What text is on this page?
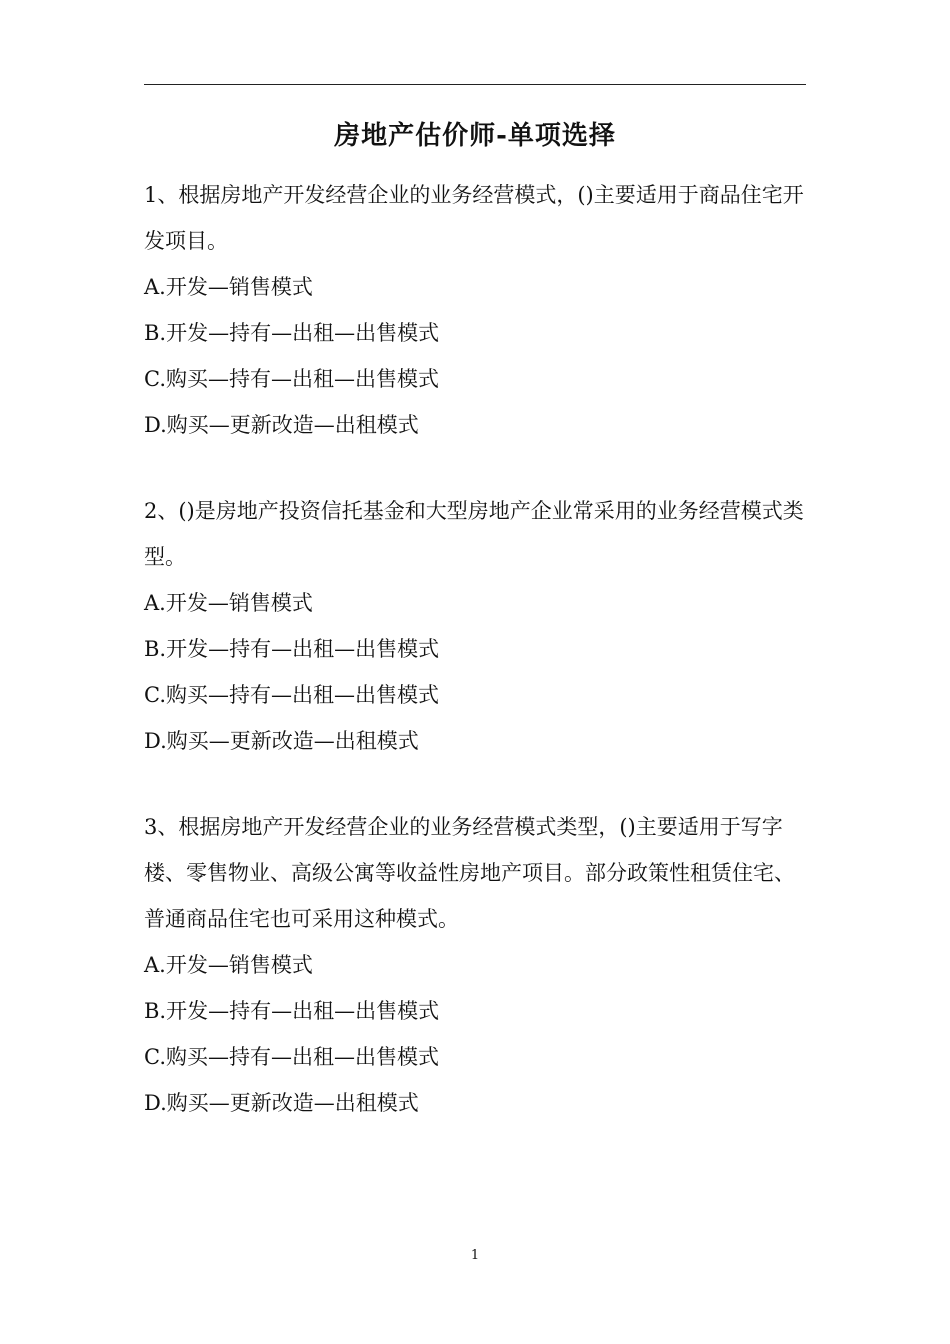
房地产估价师-单项选择

1、根据房地产开发经营企业的业务经营模式，()主要适用于商品住宅开发项目。

A.开发—销售模式

B.开发—持有—出租—出售模式

C.购买—持有—出租—出售模式

D.购买—更新改造—出租模式

2、()是房地产投资信托基金和大型房地产企业常采用的业务经营模式类型。

A.开发—销售模式

B.开发—持有—出租—出售模式

C.购买—持有—出租—出售模式

D.购买—更新改造—出租模式

3、根据房地产开发经营企业的业务经营模式类型，()主要适用于写字楼、零售物业、高级公寓等收益性房地产项目。部分政策性租赁住宅、普通商品住宅也可采用这种模式。

A.开发—销售模式

B.开发—持有—出租—出售模式

C.购买—持有—出租—出售模式

D.购买—更新改造—出租模式

1
